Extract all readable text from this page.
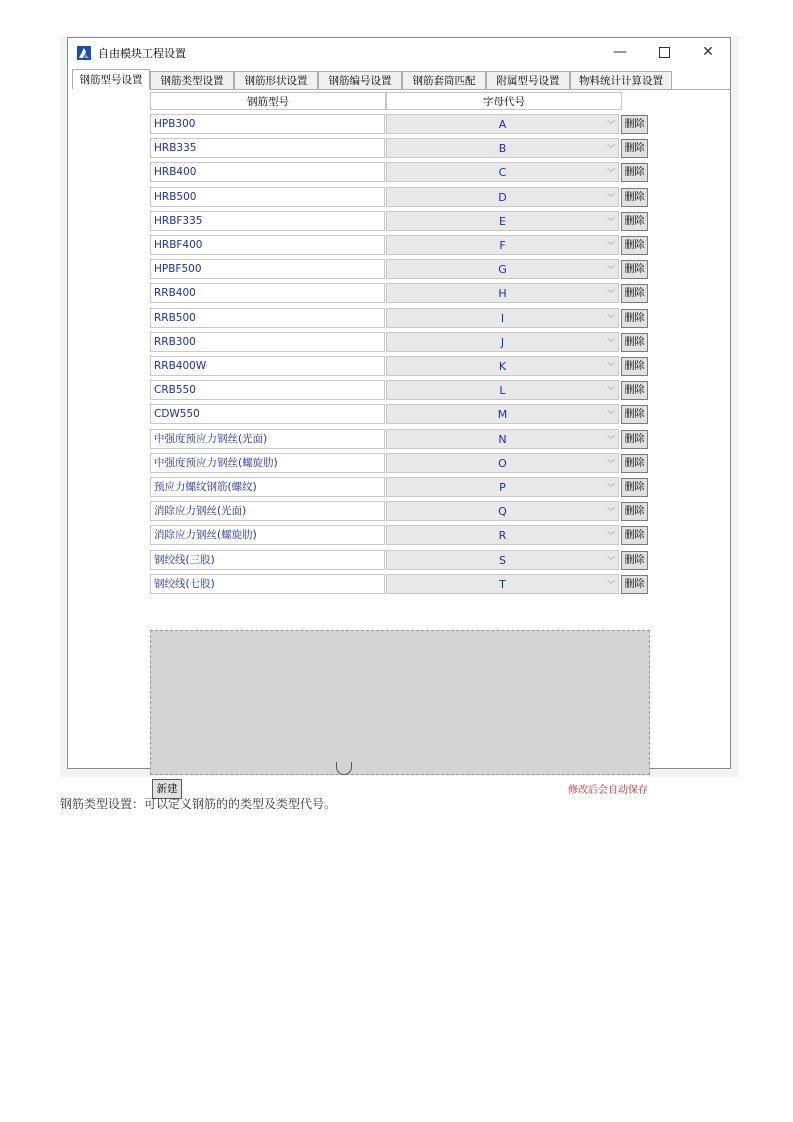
自由模块工程设置	—	✕
钢筋型号设置	钢筋类型设置	钢筋形状设置	钢筋编号设置	钢筋套筒匹配	附属型号设置	物料统计计算设置
钢筋型号	字母代号
HPB300	A	﹀ 删除
HRB335	B	﹀ 删除
HRB400	C	﹀ 删除
HRB500	D	﹀ 删除
HRBF335	E	﹀ 删除
HRBF400	F	﹀ 删除
HPBF500	G	﹀ 删除
RRB400	H	﹀ 删除
RRB500	I	﹀ 删除
RRB300	J	﹀ 删除
RRB400W	K	﹀ 删除
CRB550	L	﹀ 删除
CDW550	M	﹀ 删除
中强度预应力钢丝(光面)	N	﹀ 删除
中强度预应力钢丝(螺旋肋)	O	﹀ 删除
预应力螺纹钢筋(螺纹)	P	﹀ 删除
消除应力钢丝(光面)	Q	﹀ 删除
消除应力钢丝(螺旋肋)	R	﹀ 删除
钢绞线(三股)	S	﹀ 删除
钢绞线(七股)	T	﹀ 删除
新建	修改后会自动保存
钢筋类型设置：可以定义钢筋的的类型及类型代号。
